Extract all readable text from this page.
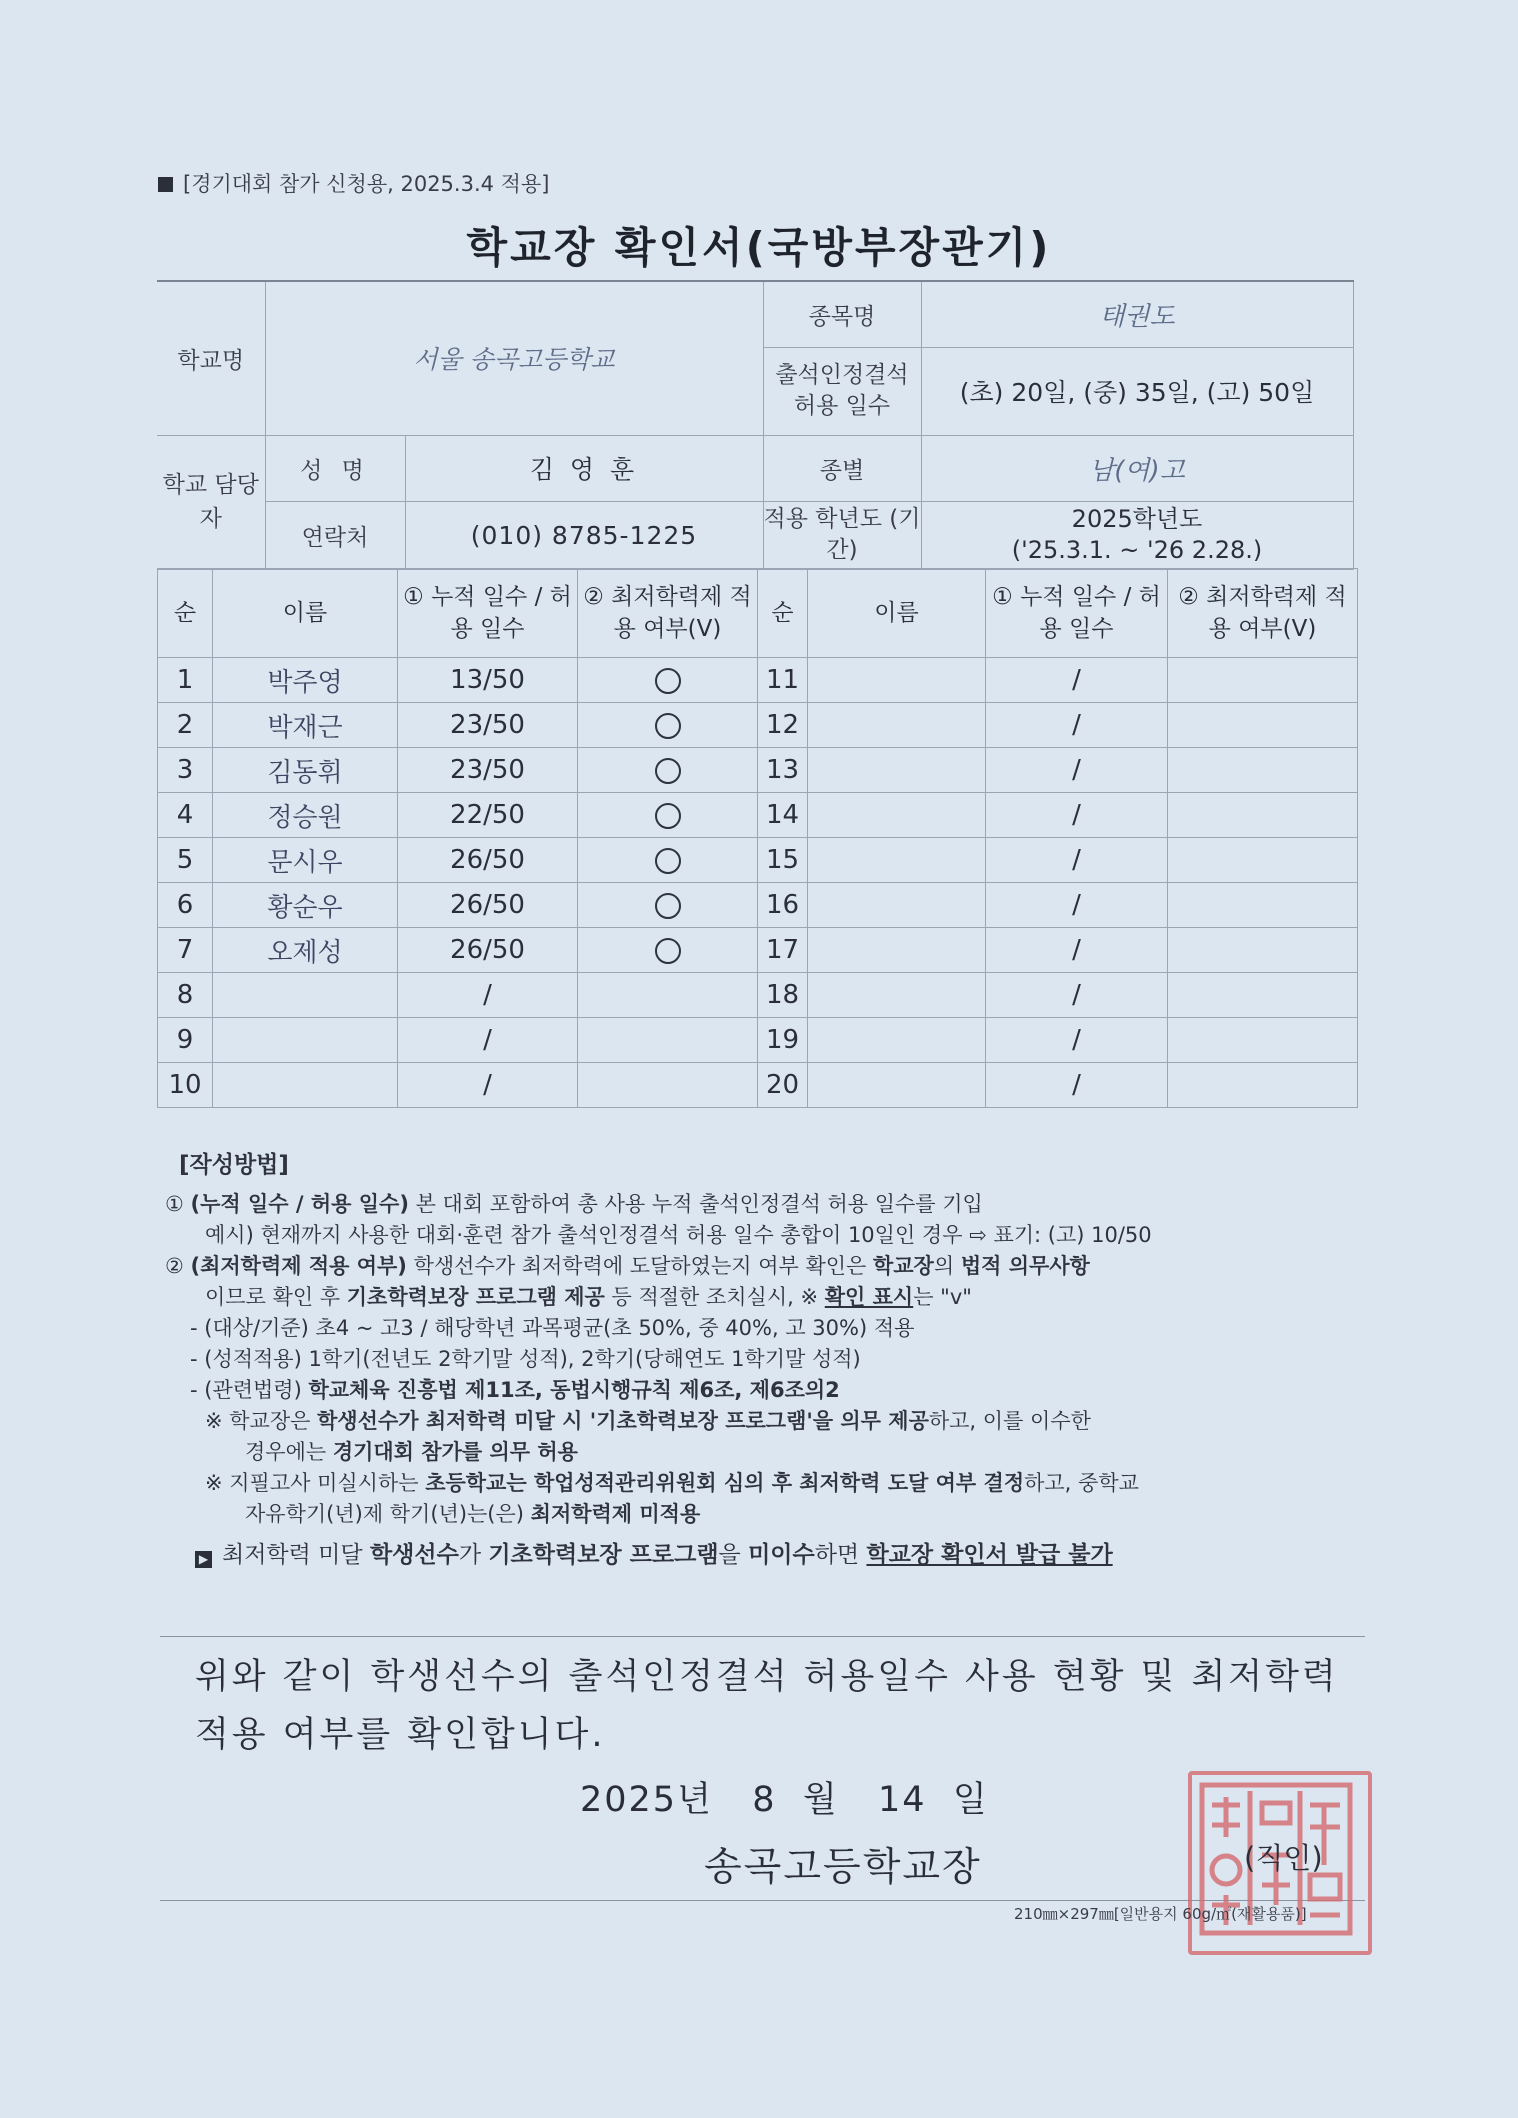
[경기대회 참가 신청용, 2025.3.4 적용]
학교장 확인서(국방부장관기)
학교명	서울 송곡고등학교		종목명	태권도
			출석인정결석 허용 일수	(초) 20일, (중) 35일, (고) 50일
학교 담당자	성 명	김 영 훈	종별	남(여)고
	연락처	(010) 8785-1225	적용 학년도 (기간)	2025학년도
('25.3.1. ~ '26 2.28.)
순	이름	① 누적 일수 / 허용 일수	② 최저학력제 적용 여부(V)	순	이름	① 누적 일수 / 허용 일수	② 최저학력제 적용 여부(V)
1	박주영	13/50		11		/	
2	박재근	23/50		12		/	
3	김동휘	23/50		13		/	
4	정승원	22/50		14		/	
5	문시우	26/50		15		/	
6	황순우	26/50		16		/	
7	오제성	26/50		17		/	
8		/		18		/	
9		/		19		/	
10		/		20		/	
[작성방법]
① (누적 일수 / 허용 일수) 본 대회 포함하여 총 사용 누적 출석인정결석 허용 일수를 기입
예시) 현재까지 사용한 대회·훈련 참가 출석인정결석 허용 일수 총합이 10일인 경우 ⇨ 표기: (고) 10/50
② (최저학력제 적용 여부) 학생선수가 최저학력에 도달하였는지 여부 확인은 학교장의 법적 의무사항
이므로 확인 후 기초학력보장 프로그램 제공 등 적절한 조치실시, ※ 확인 표시는 "v"
- (대상/기준) 초4 ~ 고3 / 해당학년 과목평균(초 50%, 중 40%, 고 30%) 적용
- (성적적용) 1학기(전년도 2학기말 성적), 2학기(당해연도 1학기말 성적)
- (관련법령) 학교체육 진흥법 제11조, 동법시행규칙 제6조, 제6조의2
※ 학교장은 학생선수가 최저학력 미달 시 '기초학력보장 프로그램'을 의무 제공하고, 이를 이수한
경우에는 경기대회 참가를 의무 허용
※ 지필고사 미실시하는 초등학교는 학업성적관리위원회 심의 후 최저학력 도달 여부 결정하고, 중학교
자유학기(년)제 학기(년)는(은) 최저학력제 미적용
▶ 최저학력 미달 학생선수가 기초학력보장 프로그램을 미이수하면 학교장 확인서 발급 불가
위와 같이 학생선수의 출석인정결석 허용일수 사용 현황 및 최저학력 적용 여부를 확인합니다.
2025년 8 월 14 일
송곡고등학교장	(직인)
210㎜×297㎜[일반용지 60g/㎡(재활용품)]
